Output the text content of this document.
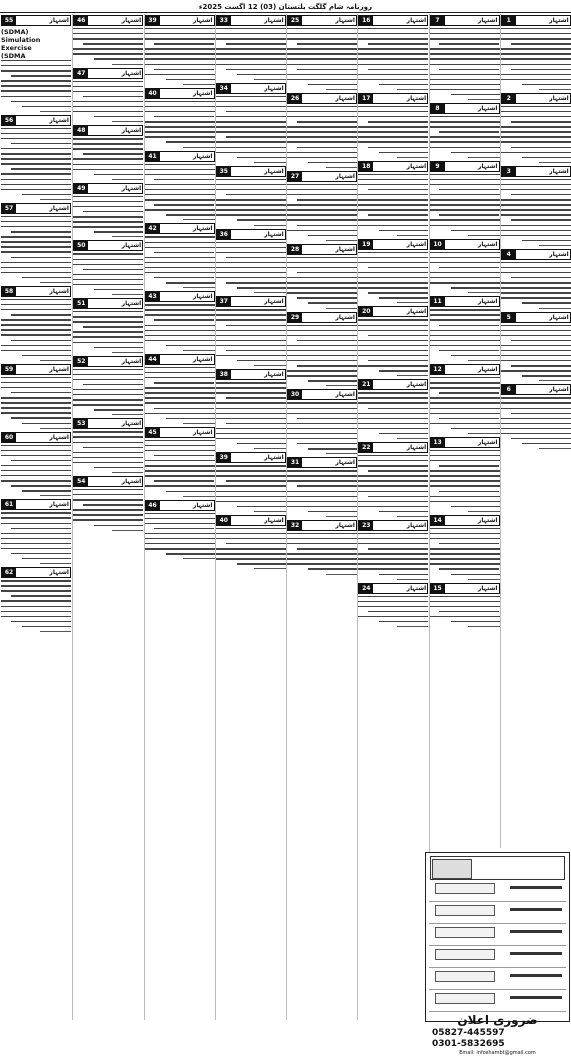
روزنامہ شام گلگت بلتستان (03) 12 اگست 2025ء
1	اشتہار
2	اشتہار
3	اشتہار
4	اشتہار
5	اشتہار
6	اشتہار
7	اشتہار
8	اشتہار
9	اشتہار
10	اشتہار
11	اشتہار
12	اشتہار
13	اشتہار
14	اشتہار
15	اشتہار
16	اشتہار
17	اشتہار
18	اشتہار
19	اشتہار
20	اشتہار
21	اشتہار
22	اشتہار
23	اشتہار
24	اشتہار
25	اشتہار
26	اشتہار
27	اشتہار
28	اشتہار
29	اشتہار
30	اشتہار
31	اشتہار
32	اشتہار
33	اشتہار
34	اشتہار
35	اشتہار
36	اشتہار
37	اشتہار
38	اشتہار
39	اشتہار
40	اشتہار
39	اشتہار
40	اشتہار
41	اشتہار
42	اشتہار
43	اشتہار
44	اشتہار
45	اشتہار
46	اشتہار
46	اشتہار
47	اشتہار
48	اشتہار
49	اشتہار
50	اشتہار
51	اشتہار
52	اشتہار
53	اشتہار
54	اشتہار
55	اشتہار
(SDMA)
Simulation Exercise
(SDMA
56	اشتہار
57	اشتہار
58	اشتہار
59	اشتہار
60	اشتہار
61	اشتہار
62	اشتہار
ضروری اعلان
05827-445597
0301-5832695
Email: infoshambt@gmail.com
